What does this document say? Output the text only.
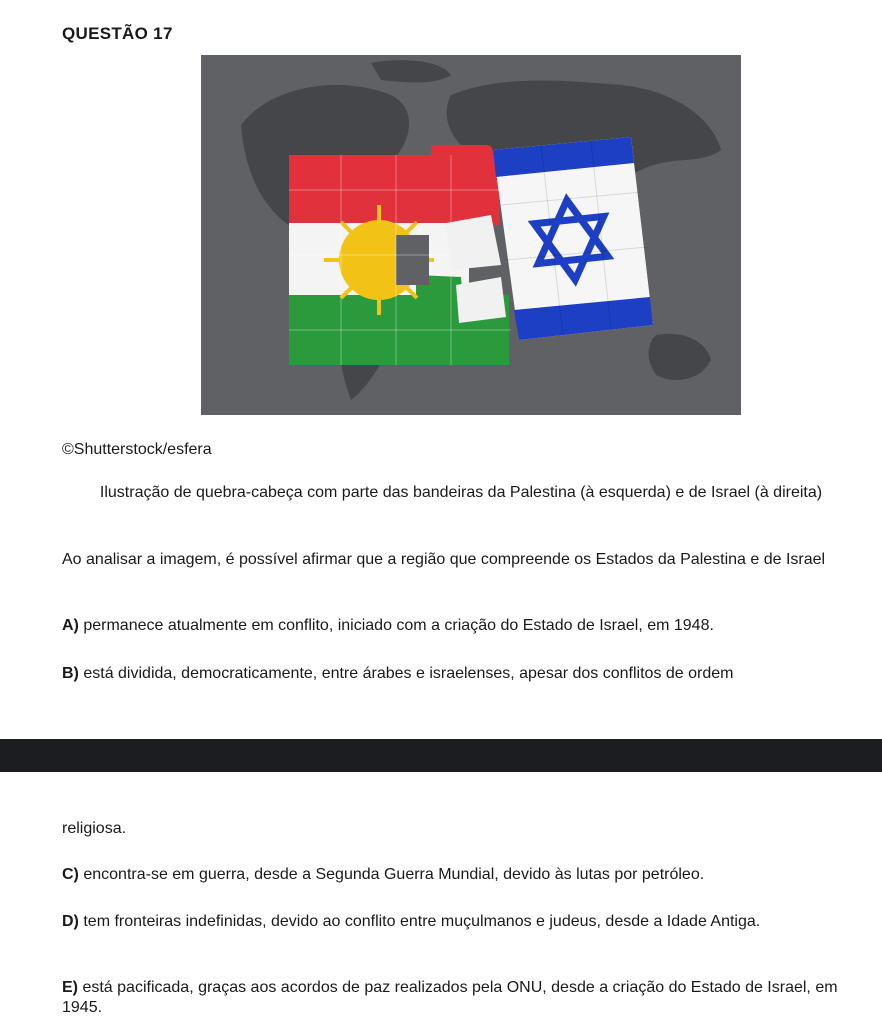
QUESTÃO 17
©Shutterstock/esfera
Ilustração de quebra-cabeça com parte das bandeiras da Palestina (à esquerda) e de Israel (à direita)
Ao analisar a imagem, é possível afirmar que a região que compreende os Estados da Palestina e de Israel
A) permanece atualmente em conflito, iniciado com a criação do Estado de Israel, em 1948.
B) está dividida, democraticamente, entre árabes e israelenses, apesar dos conflitos de ordem
religiosa.
C) encontra-se em guerra, desde a Segunda Guerra Mundial, devido às lutas por petróleo.
D) tem fronteiras indefinidas, devido ao conflito entre muçulmanos e judeus, desde a Idade Antiga.
E) está pacificada, graças aos acordos de paz realizados pela ONU, desde a criação do Estado de Israel, em 1945.
